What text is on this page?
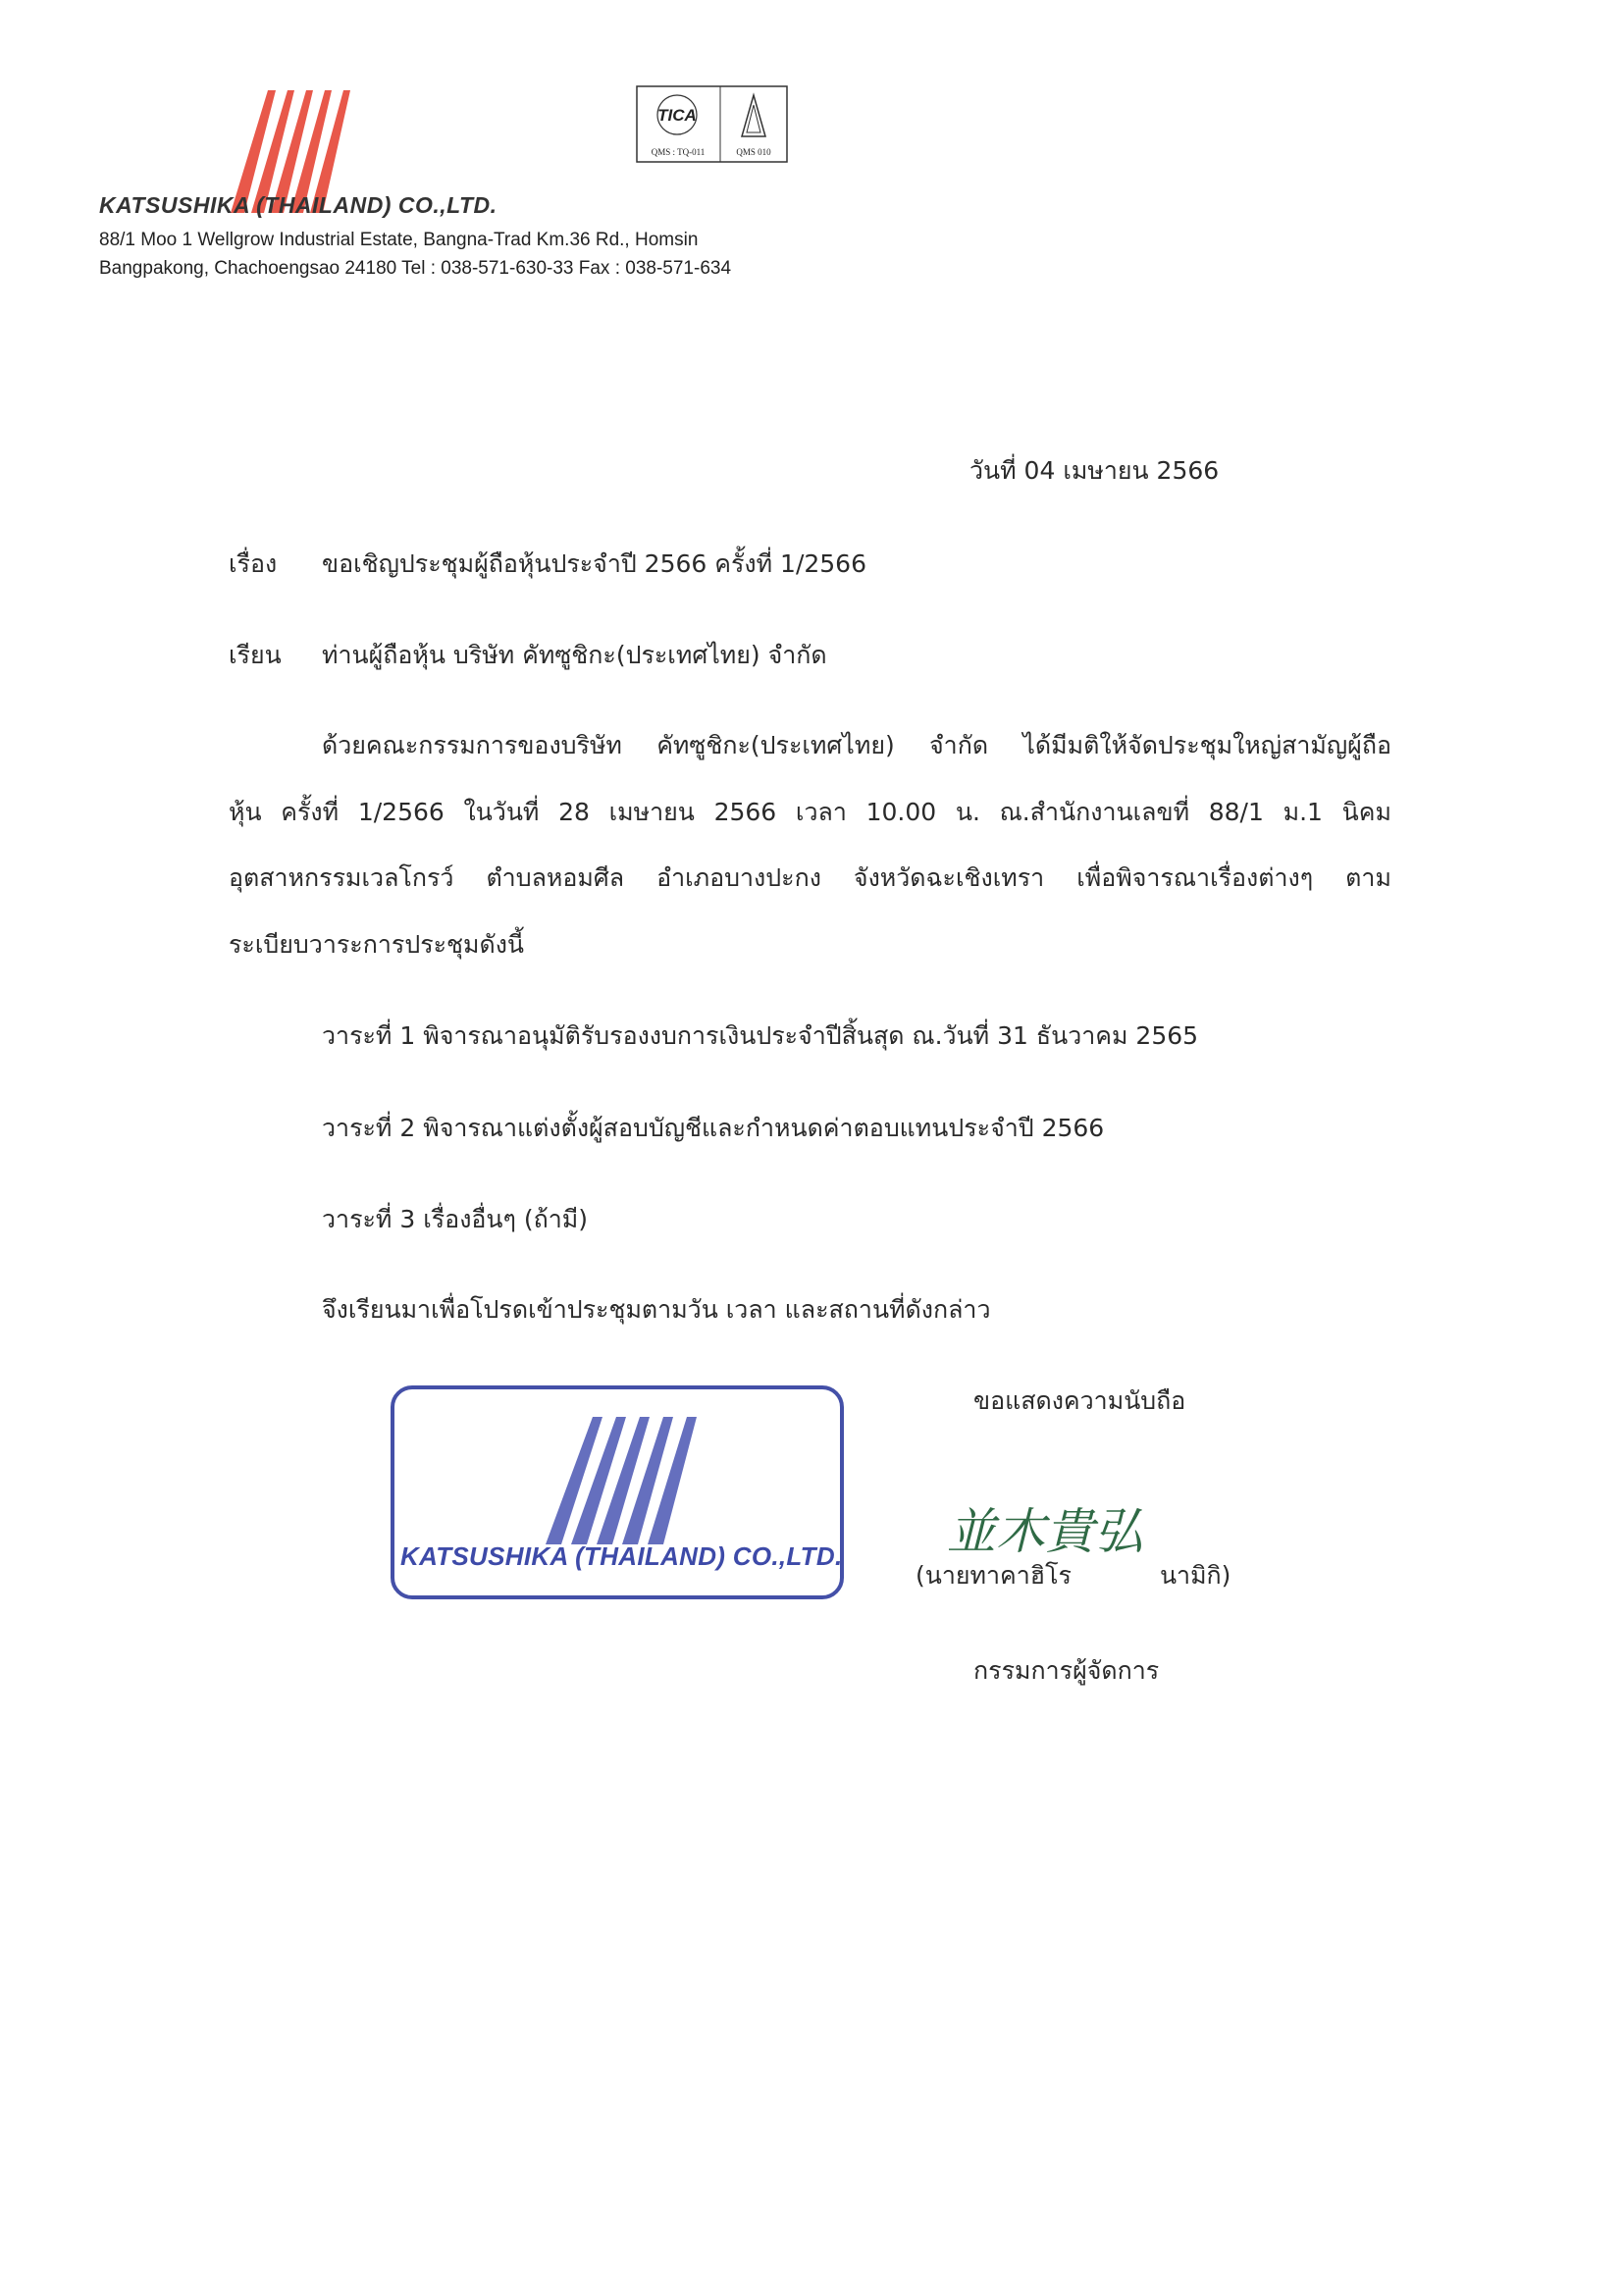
KATSUSHIKA (THAILAND) CO.,LTD.
88/1 Moo 1 Wellgrow Industrial Estate, Bangna-Trad Km.36 Rd., Homsin
Bangpakong, Chachoengsao 24180 Tel : 038-571-630-33 Fax : 038-571-634
TICA
QMS : TQ-011	QMS 010
วันที่ 04 เมษายน 2566
เรื่อง ขอเชิญประชุมผู้ถือหุ้นประจำปี 2566 ครั้งที่ 1/2566
เรียน ท่านผู้ถือหุ้น บริษัท คัทซูชิกะ(ประเทศไทย) จำกัด
ด้วยคณะกรรมการของบริษัท คัทซูชิกะ(ประเทศไทย) จำกัด ได้มีมติให้จัดประชุมใหญ่สามัญผู้ถือ
หุ้น ครั้งที่ 1/2566 ในวันที่ 28 เมษายน 2566 เวลา 10.00 น. ณ.สำนักงานเลขที่ 88/1 ม.1 นิคม
อุตสาหกรรมเวลโกรว์ ตำบลหอมศีล อำเภอบางปะกง จังหวัดฉะเชิงเทรา เพื่อพิจารณาเรื่องต่างๆ ตาม
ระเบียบวาระการประชุมดังนี้
วาระที่ 1 พิจารณาอนุมัติรับรองงบการเงินประจำปีสิ้นสุด ณ.วันที่ 31 ธันวาคม 2565
วาระที่ 2 พิจารณาแต่งตั้งผู้สอบบัญชีและกำหนดค่าตอบแทนประจำปี 2566
วาระที่ 3 เรื่องอื่นๆ (ถ้ามี)
จึงเรียนมาเพื่อโปรดเข้าประชุมตามวัน เวลา และสถานที่ดังกล่าว
ขอแสดงความนับถือ
KATSUSHIKA (THAILAND) CO.,LTD. 並木貴弘
(นายทาคาฮิโร	นามิกิ)
กรรมการผู้จัดการ
